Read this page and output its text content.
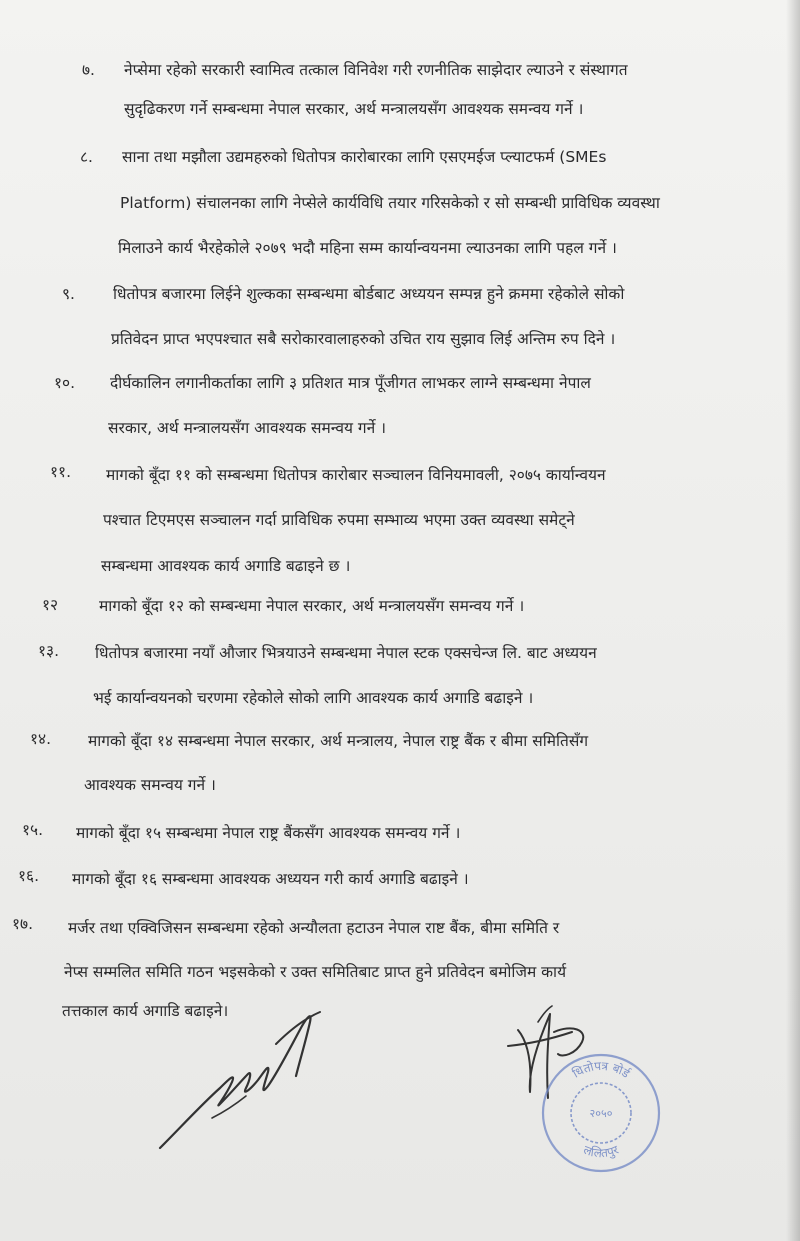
७. नेप्सेमा रहेको सरकारी स्वामित्व तत्काल विनिवेश गरी रणनीतिक साझेदार ल्याउने र संस्थागत
सुदृढिकरण गर्ने सम्बन्धमा नेपाल सरकार, अर्थ मन्त्रालयसँग आवश्यक समन्वय गर्ने ।
८. साना तथा मझौला उद्यमहरुको धितोपत्र कारोबारका लागि एसएमईज प्ल्याटफर्म (SMEs
Platform) संचालनका लागि नेप्सेले कार्यविधि तयार गरिसकेको र सो सम्बन्धी प्राविधिक व्यवस्था
मिलाउने कार्य भैरहेकोले २०७९ भदौ महिना सम्म कार्यान्वयनमा ल्याउनका लागि पहल गर्ने ।
९. धितोपत्र बजारमा लिईने शुल्कका सम्बन्धमा बोर्डबाट अध्ययन सम्पन्न हुने क्रममा रहेकोले सोको
प्रतिवेदन प्राप्त भएपश्चात सबै सरोकारवालाहरुको उचित राय सुझाव लिई अन्तिम रुप दिने ।
१०. दीर्घकालिन लगानीकर्ताका लागि ३ प्रतिशत मात्र पूँजीगत लाभकर लाग्ने सम्बन्धमा नेपाल
सरकार, अर्थ मन्त्रालयसँग आवश्यक समन्वय गर्ने ।
११. मागको बूँदा ११ को सम्बन्धमा धितोपत्र कारोबार सञ्चालन विनियमावली, २०७५ कार्यान्वयन
पश्चात टिएमएस सञ्चालन गर्दा प्राविधिक रुपमा सम्भाव्य भएमा उक्त व्यवस्था समेट्ने
सम्बन्धमा आवश्यक कार्य अगाडि बढाइने छ ।
१२	मागको बूँदा १२ को सम्बन्धमा नेपाल सरकार, अर्थ मन्त्रालयसँग समन्वय गर्ने ।
१३. धितोपत्र बजारमा नयाँ औजार भित्रयाउने सम्बन्धमा नेपाल स्टक एक्सचेन्ज लि. बाट अध्ययन
भई कार्यान्वयनको चरणमा रहेकोले सोको लागि आवश्यक कार्य अगाडि बढाइने ।
१४. मागको बूँदा १४ सम्बन्धमा नेपाल सरकार, अर्थ मन्त्रालय, नेपाल राष्ट्र बैंक र बीमा समितिसँग
आवश्यक समन्वय गर्ने ।
१५. मागको बूँदा १५ सम्बन्धमा नेपाल राष्ट्र बैंकसँग आवश्यक समन्वय गर्ने ।
१६. मागको बूँदा १६ सम्बन्धमा आवश्यक अध्ययन गरी कार्य अगाडि बढाइने ।
१७. मर्जर तथा एक्विजिसन सम्बन्धमा रहेको अन्यौलता हटाउन नेपाल राष्ट बैंक, बीमा समिति र
नेप्स सम्मलित समिति गठन भइसकेको र उक्त समितिबाट प्राप्त हुने प्रतिवेदन बमोजिम कार्य
तत्तकाल कार्य अगाडि बढाइने।
धितोपत्र बोर्ड
ललितपुर
२०५०
